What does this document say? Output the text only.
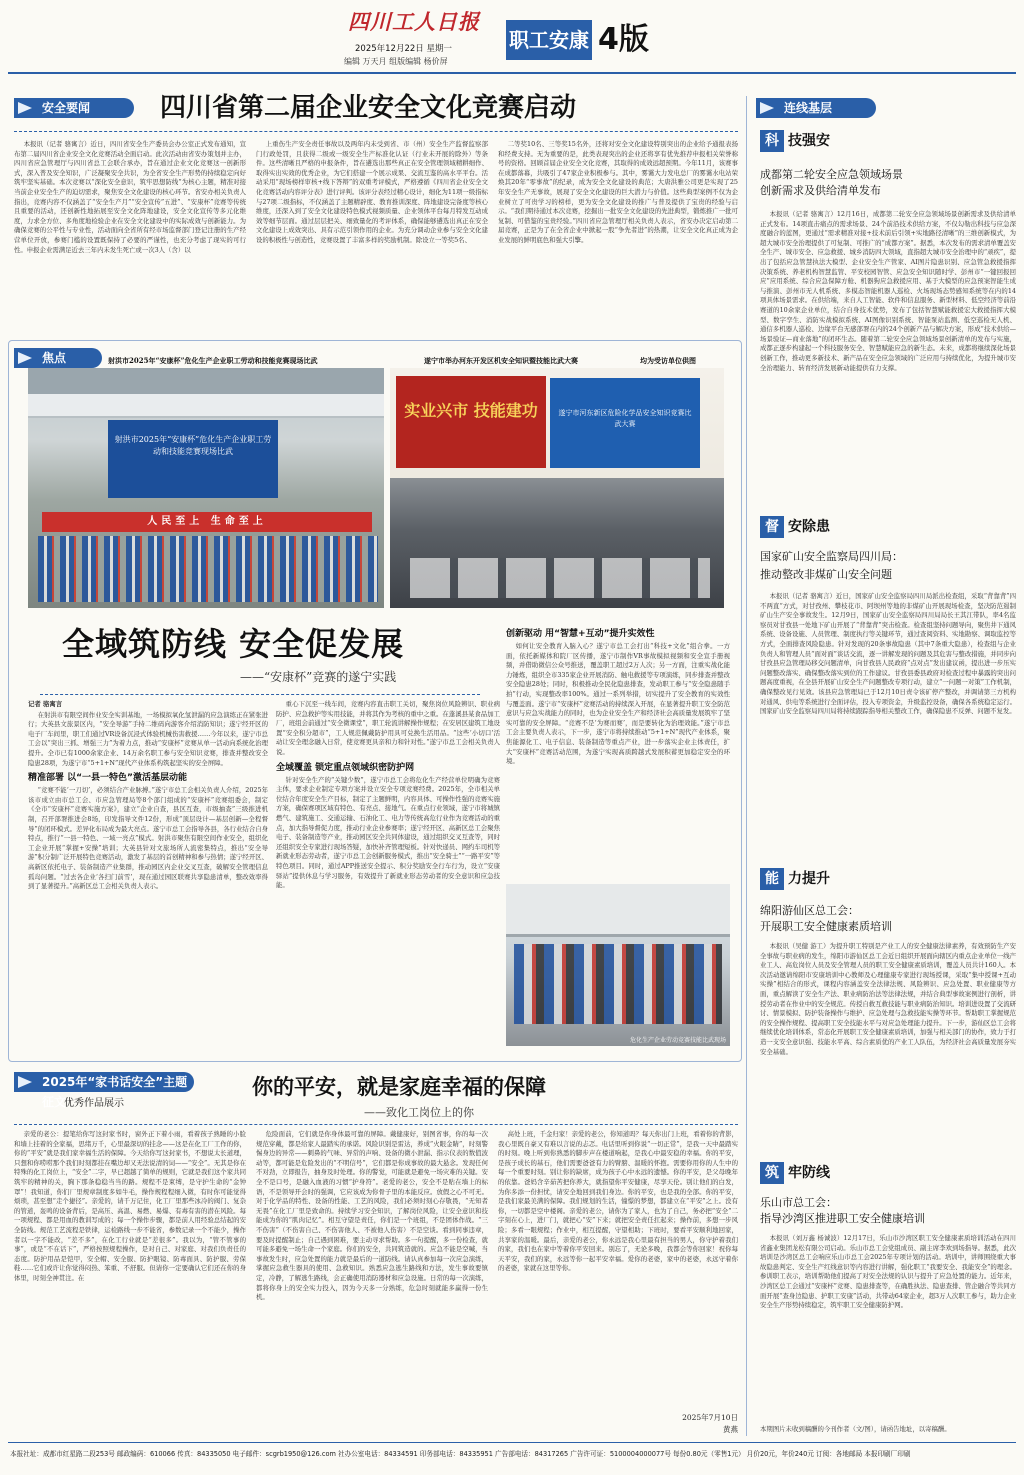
四川工人日报
2025年12月22日 星期一
编辑 万天月 组版编辑 杨价屏
职工安康 4版
安全要闻	四川省第二届企业安全文化竞赛启动

本报讯（记者 骆寓言）近日，四川省安全生产委员会办公室正式发布通知，宣布第二届四川省企业安全文化竞赛活动全面启动。此次活动由省安办策划并主办，四川省应急管理厅与四川省总工会联合承办，旨在通过企业文化竞赛这一创新形式，深入普及安全知识，广泛凝聚安全共识，为全省安全生产形势的持续稳定向好筑牢坚实基础。本次竞赛以“深化安全意识，筑牢思想防线”为核心主题，精准对接当前企业安全生产的迫切需求，聚焦安全文化建设的核心环节。省安办相关负责人指出，竞赛内容不仅涵盖了“安全生产月”“安全宣传”五进”、“安康杯”竞赛等传统且重要的活动，还创新性地拓展至安全文化阵地建设，安全文化宣传等多元化维度，力求全方位、多角度地检验企业在安全文化建设中的实际成效与创新能力。为确保竞赛的公平性与专业性，活动面向全省所有经市场监督部门登记注册的生产经营单位开放，参赛门槛的设置既保持了必要的严谨性，也充分考虑了现实的可行性。申报企业需满足近去三年内未发生死亡或一次3人（含）以

上重伤生产安全责任事故以及两年内未受到省、市（州）安全生产监督监察部门行政处罚，且获得二级或一级安全生产标准化认证（行业未开展的除外）等条件。这些清晰且严格的申报条件，旨在遴选出那些真正在安全管理领域精耕细作、取得实出实效的优秀企业，为它们搭建一个展示成果、交流互鉴的高水平平台。活动采用“现场榜样审核+线下答辩”的双重考评模式，严格遵循《四川省企业安全文化竞赛活动内容评分表》进行评判。该评分表经过精心设计，细化为11项一级指标与27项二级指标，不仅涵盖了主题精辟度、教育推训深度、阵地建设完备度等核心维度，还深入到了安全文化建设特色模式视频质量、企业领体平台每月特发互动成效等细节层面。通过层层把关、细致量化的考评体系，确保能够遴选出真正在安全文化建设上成效突出、具有示范引领作用的企业。为充分调动企业参与安全文化建设的积极性与创造性，竞赛设置了丰富多样的奖励机制。除设立一等奖5名、

二等奖10名、三等奖15名外，还将对安全文化建设特别突出的企业给予通报表扬和经费支持。无为重要的是，此类表现突出的企业还将享有优先推荐申报相关荣誉称号的资格。回顾首届企业安全文化竞赛，其取得的成效远超预期。今年11月，该赛事在成都落幕，共吸引了47家企业积极参与。其中，雾霭大力发电总厂的雾霭水电站荣焕其20年“零事故”的纪录，成为安全文化建设的典范；大唐洪雅公司更是实现了25年安全生产无事故，展现了安全文化建设的巨大潜力与价值。这些典型案例不仅为企业树立了可贵学习的榜样，更为安全文化建设的推广与普及提供了宝贵的经验与启示。“我们期待通过本次竞赛，挖掘出一批安全文化建设的先进典型，锻炼推广一批可复制、可借鉴的宝贵经验。”四川省应急管理厅相关负责人表示，省安办决定启动第二届竞赛，正是为了在全省企业中掀起一股“争先者进”的热潮，让安全文化真正成为企业发展的鲜明底色和强大引擎。

焦点	射洪市2025年“安康杯”危化生产企业职工劳动和技能竞赛现场比武	遂宁市举办河东开发区机安全知识暨技能比武大赛	均为受访单位供图
射洪市2025年“安康杯”危化生产企业职工劳动和技能竞赛现场比武
人民至上 生命至上
实业兴市 技能建功	遂宁市河东新区危险化学品安全知识竞赛比武大赛
全域筑防线 安全促发展
——“安康杯”竞赛的遂宁实践

记者 骆寓言

在射洪市有限空间作业安全实训基地，一场模拟氧化氢泄漏的应急演练正在紧张进行；大英县文旅景区内，“安全导游”手持二维码向游客介绍消防知识；遂宁经开区的电子厂车间里，职工们通过VR设备沉浸式体验机械伤害救援……今年以来，遂宁市总工会以“突出三抓、增强三力”为着力点，推动“安康杯”竞赛从单一活动向系统化治理提升。全市已有1000余家企业、14万余名职工参与安全知识竞赛，排查并整改安全隐患28项，为遂宁市“5+1+N”现代产业体系构筑起坚实的安全屏障。

精准部署 以“一县一特色”激活基层动能

“竞赛不能‘一刀切’，必须结合产业脉搏。”遂宁市总工会相关负责人介绍，2025年该市成立由市总工会、市应急管理局等8个部门组成的“安康杯”竞赛组委会，制定《全市“安康杯”竞赛实施方案》，建立“企业自查，县区互查，市级抽查”三级推进机制，召开部署推进会8场，印发指导文件12份，形成“顶层设计—基层创新—全程督导”的闭环模式。差异化布局成为最大亮点。遂宁市总工会指导各县，各行业结合自身特点，推行“一县一特色、一域一亮点”模式。射洪市聚焦有限空间作业安全，组织化工企业开展“掌握+安操”培训；大英县针对文旅场所人流密集特点，推出“安全导游”积分制广泛开展特色竞赛活动，激发了基层的首创精神和参与热情；遂宁经开区、高新区依托电子、装备制造产业集群，推动园区内企业交叉互查，破解安全管理信息孤岛问题。“过去各企业‘各扫门前雪’，现在通过园区联赛共享隐患清单，整改效率得到了显著提升。”高新区总工会相关负责人表示。

重心下沉至一线车间，竞赛内容直击职工关切，聚焦岗位风险辨识、职业病防护、应急救护等实用技能，并将其作为考核的重中之重。在蓬溪县某食品加工厂，班组会前通过“安全微课堂”，职工轮流讲解操作规程；在安居区建筑工地设置“安全积分超市”，工人规范佩戴防护用具可兑换生活用品。“这些‘小切口’活动让安全理念融入日常，使竞赛更具亲和力和针对性。”遂宁市总工会相关负责人说。

全域覆盖 锁定重点领域织密防护网

针对安全生产的“关键少数”，遂宁市总工会将危化生产经营单位明确为竞赛主体，要求企业制定专项方案并设立安全专项竞赛经费。2025年，全市相关单位结合年度安全生产目标，制定了主题鲜明，内容具体、可操作性强的竞赛实施方案，确保赛项区域有特色、有亮点、接地气。在重点行业领域，遂宁市将城镇燃气、建筑施工、交通运输、石油化工、电力等传统高危行业作为竞赛活动的重点，加大指导督促力度，推动行业企业参赛率；遂宁经开区、高新区总工会聚焦电子、装备制造等产业，推动园区安全共同体建设，通过组织交叉互查等，同时还组织安全专家进行现场答疑，加快补齐管理短板。针对快递员、网约车司机等新就业形态劳动者，遂宁市总工会创新服务模式，推出“安全骑士”“一路平安”等特色项目。同时，通过APP推送安全提示、积分奖励安全行车行为，设立“安康驿站”提供休息与学习服务，有效提升了新就业形态劳动者的安全意识和应急技能。

创新驱动 用“智慧+互动”提升实效性

如何让安全教育入脑入心？遂宁市总工会打出“科技+文化”组合拳。一方面，依托新媒体和院厂区传播，遂宁市制作VR事故模拟视频和安全宣手册视频，并借助微信公众号推送，覆盖职工超过2万人次；另一方面，注重实战化能力锤炼，组织全市335家企业开展消防、触电救援等专项演练，同步排查并整改安全隐患28处；同时，积极推动全民化隐患排查，发动职工参与“安全隐患随手拍”行动，实现整改率100%。通过一系列举措，切实提升了安全教育的实效性与覆盖面。遂宁市“安康杯”竞赛活动的持续深入开展，在显著提升职工安全防范意识与应急实战能力的同时，也为企业安全生产和经济社会高质量发展筑牢了坚实可靠的安全屏障。“竞赛不是‘为赛而赛’，而是要转化为治理效能。”遂宁市总工会主要负责人表示，下一步，遂宁市将持续推动“5+1+N”现代产业体系，聚焦能源化工、电子信息、装备制造等重点产业，进一步落实企业主体责任，扩大“安康杯”竞赛活动范围，为遂宁实现高质跨越式发展积蓄更加稳定安全的环境。

危化生产企业劳动竞赛技能比武现场
2025年“家书话安全”主题征文
优秀作品展示
你的平安，就是家庭幸福的保障
——致化工岗位上的你

亲爱的老公：提笔给你写这封家书时，窗外正下着小雨，看着孩子熟睡的小脸和墙上挂着的全家福，思绪万千，心里最深切的挂念——这是在化工厂工作的你，你的“平安”就是我们家幸福生活的保障。今天给你写这封家书，不想说太长道理，只想和你唠唠那个我们时刻都挂在嘴边却又无法说清的词——“安全”。无其是你在特殊的化工岗位上，“安全”二字，早已超越了简单的规则，它就是我们这个家共同筑牢的精神的关，胸下那条稳稳当当的路。规程不是束缚，是守护生命的“金钟罩”！我知道，你们厂里规章制度多如牛毛，操作规程程细入微，有时你可能觉得烦琐，甚至想“走个捷径”。亲爱的，请千万记住，化工厂里那些冰冷的阀门、复杂的管道，轰鸣的设备背后，是高压、高温、易燃、易爆、有毒有害的潜在风险。每一项规程、都是用血的教训写成的；每一个操作步骤，都是前人用经验总结起的安全防线。规范工艺流程是铁律，运检路线一步不能省，参数记录一个不能少，操作者以一字不能改，“差不多”，在化工行业就是“差很多”。我以为，“管不管事的事”，或是“不在话下”，严格按照规程操作，是对自己、对家庭、对我们负责任的态度。防护用品是铠甲，安全帽、安全服、防护眼镜、防毒面具、防护服、劳保鞋……它们或许让你觉得闷热、笨重、不舒服。但请你一定要确认它们还在你的身体里，时刻全神贯注。在

危险面前，它们就是你身体最可靠的屏障。戴健康好，别图省事，你的每一次规范穿戴，都是给家人最踏实的承诺。风险识别是雷达，养成“火眼金睛”，时刻警惕身边的异常——刺鼻的气味、异常的声响、设备的微小泄漏、指示仪表的数值波动等，都可能是危险发出的“不明信号”，它们都是你成事故的最大悬念。发现任何不对劲，立即报告，抽身及时处理。你的警觉，可能就是避免一场灾难的关键。安全不是口号，是融入血液的习惯“护身符”。老爱的老公，安全不是贴在墙上的标语，不是领导开会时的强调，它应该成为你骨子里的本能反应。放假之心不可无。对于化学品的特性、设备的性能、工艺的风险，我们必须时刻心存敬畏，“无知者无畏”在化工厂里是致命的。持续学习安全知识，了解岗位风险，让安全意识和技能成为你的“肌肉记忆”。相互守望是责任，你们是一个班组，不是团体作战。“三不伤害”（不伤害自己、不伤害他人、不被他人伤害）不是空谈。看到同事违章，要及时提醒制止；自己遇到困难，要主动寻求帮助。多一句提醒，多一份检查，就可能多避免一场生命一个家庭。你们的安全，共同筑造就的。应急不能是空喊，当事故发生时，应急处置的能力就是最后的一道防线。请认真参加每一次应急演练，掌握应急救生器具的使用、急救知识。熟悉应急逃生路线和方法，发生事故要镇定，冷静，了解逃生路线，会正确使用消防器材和应急设施。日常的每一次演练，都将你身上的安全实力投入，因为今天多一分熟练，危急时刻就能多赢得一份生机。

高处上班，千金归家！亲爱的老公，你知道吗？每天你出门上班，看着你的背影，我心里既自豪又有难以言说的忐忑。电话里听到你说“一切正常”，是我一天中最踏实的时刻。晚上听到你熟悉的脚步声在楼道响起，是我心中最安稳的幸福。你的平安，是孩子成长的基石，他们需要爸爸有力的臂膀、温暖的怀抱。需要你用你的人生中的每一个重要时刻。别让你的缺席，成为孩子心中永远的遗憾。你的平安，是父母晚年的依靠。爸妈含辛茹苦把你养大，就指望你平安健康，尽享天伦。别让他们的白发，为你多添一份担忧，请安全地回到我们身边。你的平安，也是我的全部。你的平安，是我们家最美满的保障。我们规划的生活，憧憬的梦想，都建立在“平安”之上。没有你，一切都是空中楼阁。亲爱的老公，请你为了家人，也为了自己，务必把“安全”二字刻在心上，进厂门，就把心“安”下来；就把安全责任扛起来；操作前，多想一步风险；多看一眼规程；作业中，相互提醒，守望相助；下班时，要看平安顺利地回家，共享家的温暖。最后，亲爱的老公，你永远是我心里最有担当的男人，你守护着我们的家，我们也在家中等着你平安回来。别忘了，无论多晚，我都会等你回家！祝你每天平安，我们的家，永远等你一起平安幸福。爱你的老婆，家中的老婆，永远守着你的老婆，家就在这里等你。

2025年7月10日
黄燕
连线基层
科 技强安
成都第二轮安全应急领域场景
创新需求及供给清单发布

本报讯（记者 骆寓言）12月16日，成都第二轮安全应急领域场景创新需求及供给清单正式发布。14项直击痛点的需求场景、24个前沿技术供给方案，不仅勾勒出科技与应急深度融合的蓝图，更通过“需求精准对接+技术前后引领+实地路径清晰”的三维创新模式，为超大城市安全治理提供了可复制、可推广的“成都方案”。据悉，本次发布的需求清单覆盖安全生产、城市安全、应急救援、城乡消防四大领域，直指超大城市安全治理中的“顽疾”，提出了包括应急管慧执法大模型、企业安全生产管家、AI图片隐患识别、应急管急救援指挥决策系统、养老机构智慧监管、平安校园智管、应急安全知识随时学、彭州市“一键回报回应”应用系统、综合应急保障方舱、机器狗应急救援应用、基于大模型的应急预案智能生成与推演、彭州市无人机系统、多模态智能机器人巡检、火场现场态势感知系统等在内的14项具体场景需求。在供给端，来自人工智能、软件和信息服务、新型材料、低空经济等前沿赛道的10余家企业单位，结合自身技术优势，发布了包括智慧赋能救援宏大救援指挥大模型、数字孪生、消防实战模拟系统、AI图像识别系统、智能泵站监测、低空巡检无人机、通信多机器人巡检、边缘平台无感部署在内的24个创新产品与解决方案，形成“技术供给—场景验证—商业落地”的闭环生态。随着第二轮安全应急领域场景创新清单的发布与实施，成都正逐步构建起一个科技服务安全、智慧赋能应急的新生态。未来，成都将继续深化场景创新工作，推动更多新技术、新产品在安全应急领域的广泛应用与持续优化，为提升城市安全治理能力、转育经济发展新动能提供有力支撑。

督 安除患
国家矿山安全监察局四川局：
推动整改非煤矿山安全问题

本报讯（记者 骆寓言）近日，国家矿山安全监察局四川局派出检查组，采取“背靠背”四不两直“方式，对甘孜州、攀枝花市、阿坝州等地的非煤矿山开展现场检查，坚决防范遏制矿山生产安全事故发生。12月9日，国家矿山安全监察局四川局局长王其江带队，率4名监察员对甘孜县一处地下矿山开展了“背靠背”突击检查。检查组坚持问题导向，聚焦井下通风系统、设备设施、人员管理、制度执行等关键环节，通过查阅资料、实地勘察、调取监控等方式，全面排查风险隐患。针对发现的20条事故隐患（其中7条重大隐患），检查组与企业负责人和管理人员“面对面”谈话交流，逐一讲解发现的问题及其危害与整改措施，并同步向甘孜县应急管理局移交问题清单，向甘孜县人民政府“点对点”发出建议函，提出进一步压实问题整改落实、确保整改落实到位的工作建议。甘孜县委县政府对检查过程中暴露的突出问题高度重视，在全县开展矿山安全生产问题整改专项行动，建立“一问题一对策”工作机制，确保整改见行见效。该县应急管理局已于12月10日责令该矿停产整改，并调请第三方机构对通风、供电等系统进行全面评估，投入专项资金，升级监控设备，确保各系统稳定运行。国家矿山安全监察局四川局将持续跟踪指导相关整改工作，确保隐患不反弹、问题不复发。

能 力提升
绵阳游仙区总工会：
开展职工安全健康素质培训

本报讯（吴健 游工）为提升职工特别是产业工人的安全健康法律素养，有效预防生产安全事故与职业病的发生，绵阳市游仙区总工会近日组织开展面向辖区内重点企业单位一线产业工人、高危岗位人员及安全管理人员的职工安全健康素质培训，覆盖人员共计160人。本次活动邀请绵阳市安康培训中心教师及心理健康专家进行现场授课，采取“集中授课+互动实操”相结合的形式，课程内容涵盖安全法律法规、风险辨识、应急处置、职业健康等方面，重点解读了安全生产法、职业病防治法等法律法规，并结合典型事故案例进行剖析，讲授劳动者在作业中的安全规范。传授自救互救技能与职业病防治知识。培训进设置了交流研讨、情景模拟、防护装备操作与维护、应急处理与急救技能实操等环节。帮助职工掌握规范的安全操作规程、提高职工安全技能水平与对应急处理能力提升。下一步，游仙区总工会将继续优化培训体系，常态化开展职工安全健康素质培训，加强与相关部门的协作，致力于打造一支安全意识强、技能水平高、综合素质优的产业工人队伍，为经济社会高质量发展夯实安全基础。

筑 牢防线
乐山市总工会：
指导沙湾区推进职工安全健康培训

本报讯（刘万鑫 杨诚波）12月17日，乐山市沙湾区职工安全健康素质培训活动在四川省鑫业集团龙松有限公司启动。乐山市总工会党组成员、副主席李欢到场指导。据悉，此次培训是沙湾区总工会响应乐山市总工会2025年专项计划的活动。培训中，讲师围绕重大事故隐患判定、安全生产红线意识等内容进行讲解，强化职工“我要安全、我能安全”的理念。参训职工表示，培训帮助他们提高了对安全法规的认识与提升了应急处置的能力。近年来，沙湾区总工会通过“安康杯”竞赛、隐患排查等，在确胜执法、隐患查排、管企融合等共同方面开展“查身边隐患、护职工安康”活动，共带动64家企业，超3万人次职工参与，助力企业安全生产形势持续稳定，筑牢职工安全健康防护网。

本期图片未收到稿酬的今刊作者（文/图），请函告地址，以寄稿酬。
本报社址：成都市红星路二段253号 邮政编码：610066 传真：84335050 电子邮件：scgrb1950@126.com 社办公室电话：84334591 印务部电话：84335951 广告部电话：84317265 广告许可证：5100004000077号 每份0.80元（零售1元） 月价20元，年价240元 订阅：各地邮局 本报印刷厂印刷
